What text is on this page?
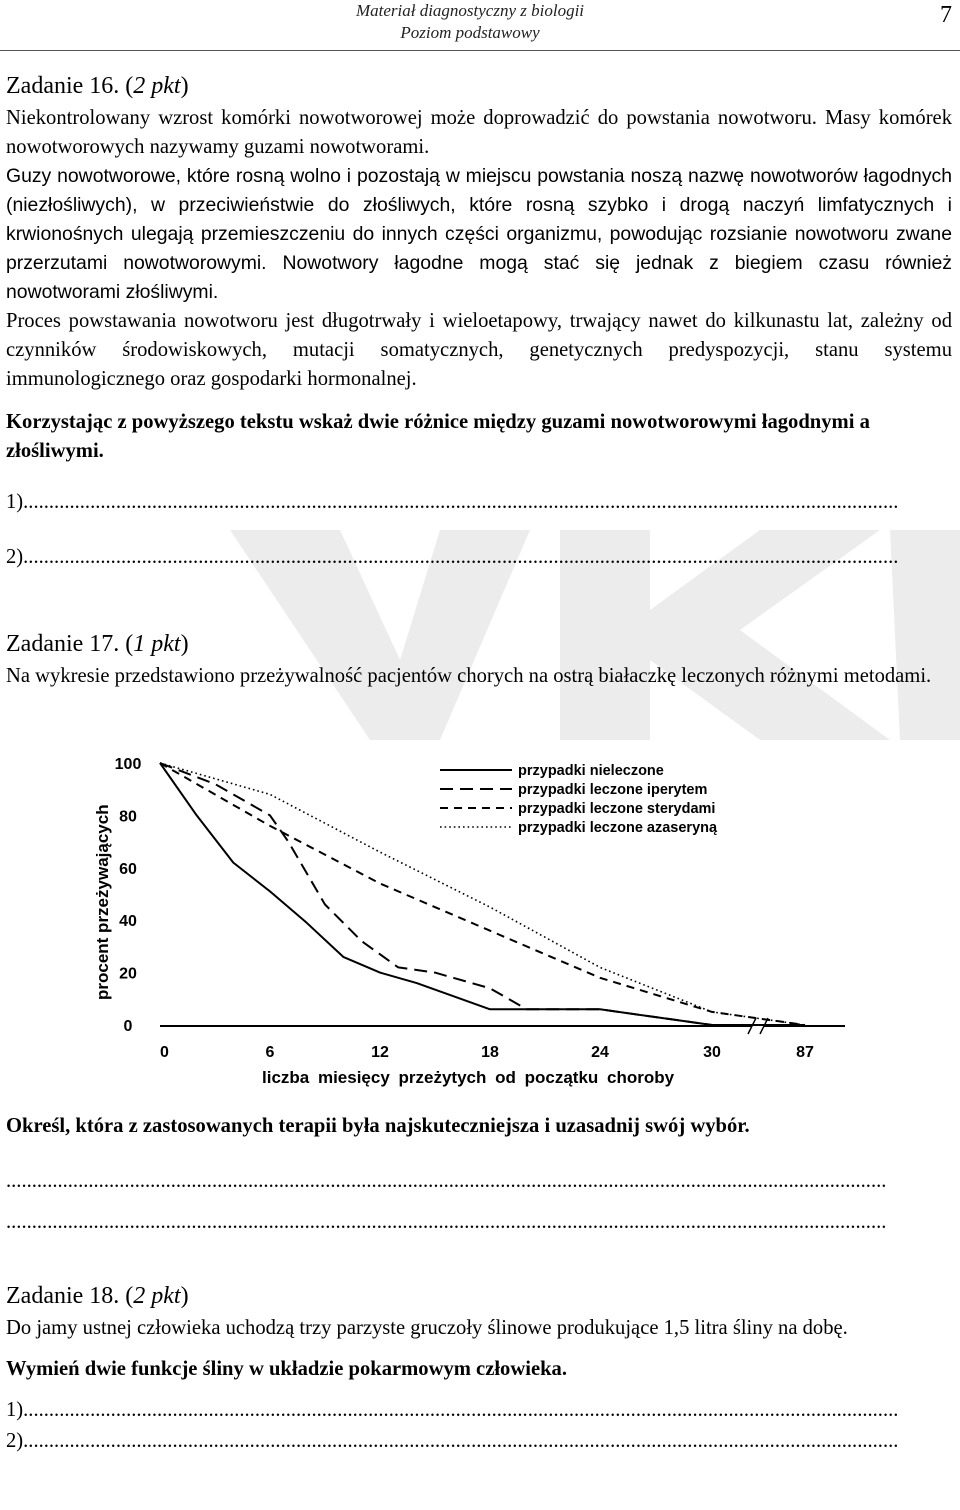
Materiał diagnostyczny z biologii
Poziom podstawowy
7
Zadanie 16. (2 pkt)

Niekontrolowany wzrost komórki nowotworowej może doprowadzić do powstania nowotworu. Masy komórek nowotworowych nazywamy guzami nowotworami.

Guzy nowotworowe, które rosną wolno i pozostają w miejscu powstania noszą nazwę nowotworów łagodnych (niezłośliwych), w przeciwieństwie do złośliwych, które rosną szybko i drogą naczyń limfatycznych i krwionośnych ulegają przemieszczeniu do innych części organizmu, powodując rozsianie nowotworu zwane przerzutami nowotworowymi. Nowotwory łagodne mogą stać się jednak z biegiem czasu również nowotworami złośliwymi.

Proces powstawania nowotworu jest długotrwały i wieloetapowy, trwający nawet do kilkunastu lat, zależny od czynników środowiskowych, mutacji somatycznych, genetycznych predyspozycji, stanu systemu immunologicznego oraz gospodarki hormonalnej.

Korzystając z powyższego tekstu wskaż dwie różnice między guzami nowotworowymi łagodnymi a złośliwymi.

1)..........................................................................................................................................................................
2)..........................................................................................................................................................................
Zadanie 17. (1 pkt)

Na wykresie przedstawiono przeżywalność pacjentów chorych na ostrą białaczkę leczonych różnymi metodami.

0
20
40
60
80
100
0	6	12	18	24	30	87
przypadki nieleczone
przypadki leczone iperytem
przypadki leczone sterydami
przypadki leczone azaseryną
procent przeżywających
liczba miesięcy przeżytych od początku choroby

Określ, która z zastosowanych terapii była najskuteczniejsza i uzasadnij swój wybór.

...........................................................................................................................................................................
...........................................................................................................................................................................
Zadanie 18. (2 pkt)

Do jamy ustnej człowieka uchodzą trzy parzyste gruczoły ślinowe produkujące 1,5 litra śliny na dobę.

Wymień dwie funkcje śliny w układzie pokarmowym człowieka.

1)..........................................................................................................................................................................
2)..........................................................................................................................................................................
